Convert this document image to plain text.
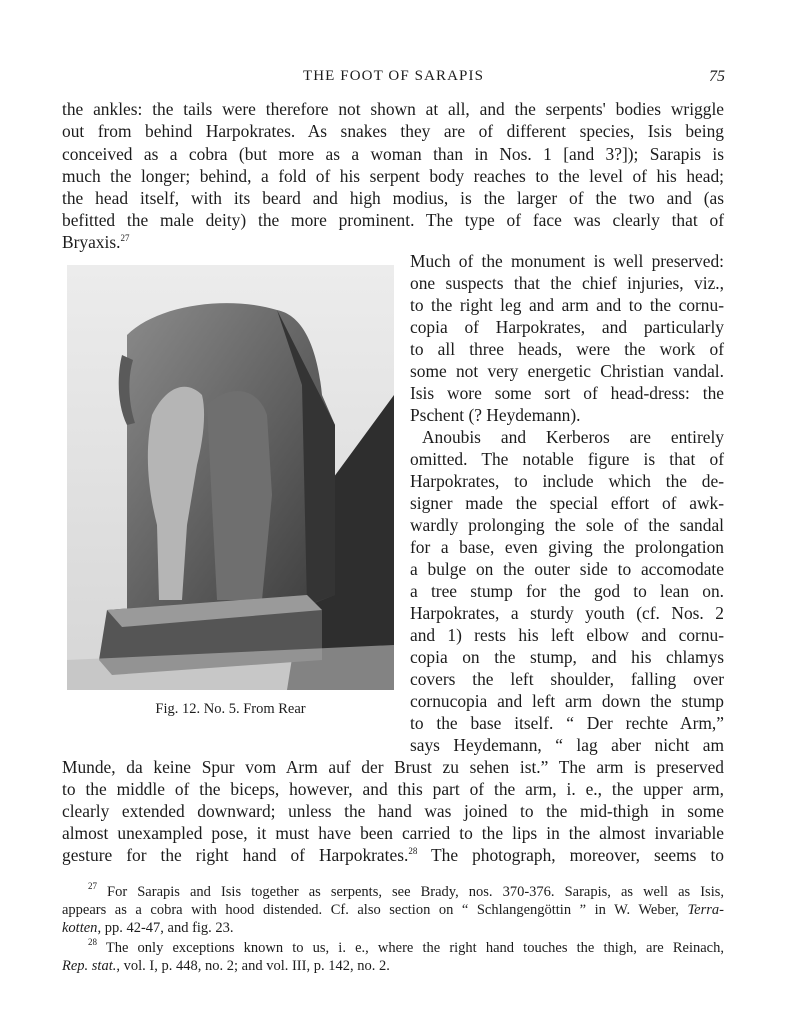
THE FOOT OF SARAPIS	75
the ankles: the tails were therefore not shown at all, and the serpents' bodies wriggle
out from behind Harpokrates. As snakes they are of different species, Isis being
conceived as a cobra (but more as a woman than in Nos. 1 [and 3?]); Sarapis is
much the longer; behind, a fold of his serpent body reaches to the level of his head;
the head itself, with its beard and high modius, is the larger of the two and (as
befitted the male deity) the more prominent. The type of face was clearly that of
Bryaxis.$^{27}$
Fig. 12. No. 5. From Rear
Much of the monument is well preserved:
one suspects that the chief injuries, viz.,
to the right leg and arm and to the cornu-
copia of Harpokrates, and particularly
to all three heads, were the work of
some not very energetic Christian vandal.
Isis wore some sort of head-dress: the
Pschent (? Heydemann).
Anoubis and Kerberos are entirely
omitted. The notable figure is that of
Harpokrates, to include which the de-
signer made the special effort of awk-
wardly prolonging the sole of the sandal
for a base, even giving the prolongation
a bulge on the outer side to accomodate
a tree stump for the god to lean on.
Harpokrates, a sturdy youth (cf. Nos. 2
and 1) rests his left elbow and cornu-
copia on the stump, and his chlamys
covers the left shoulder, falling over
cornucopia and left arm down the stump
to the base itself. “ Der rechte Arm,”
says Heydemann, “ lag aber nicht am
Munde, da keine Spur vom Arm auf der Brust zu sehen ist.” The arm is preserved
to the middle of the biceps, however, and this part of the arm, i. e., the upper arm,
clearly extended downward; unless the hand was joined to the mid-thigh in some
almost unexampled pose, it must have been carried to the lips in the almost invariable
gesture for the right hand of Harpokrates.$^{28}$ The photograph, moreover, seems to
$^{27}$ For Sarapis and Isis together as serpents, see Brady, nos. 370-376. Sarapis, as well as Isis,
appears as a cobra with hood distended. Cf. also section on “ Schlangengöttin ” in W. Weber, Terra-
kotten, pp. 42-47, and fig. 23.
$^{28}$ The only exceptions known to us, i. e., where the right hand touches the thigh, are Reinach,
Rep. stat., vol. I, p. 448, no. 2; and vol. III, p. 142, no. 2.
